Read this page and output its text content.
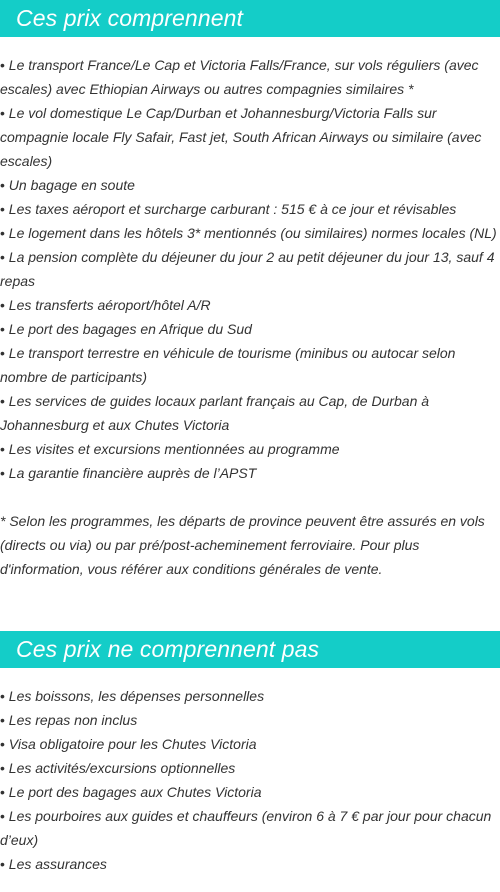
Ces prix comprennent
• Le transport France/Le Cap et Victoria Falls/France, sur vols réguliers (avec escales) avec Ethiopian Airways ou autres compagnies similaires *
• Le vol domestique Le Cap/Durban et Johannesburg/Victoria Falls sur compagnie locale Fly Safair, Fast jet, South African Airways ou similaire (avec escales)
• Un bagage en soute
• Les taxes aéroport et surcharge carburant : 515 € à ce jour et révisables
• Le logement dans les hôtels 3* mentionnés (ou similaires) normes locales (NL)
• La pension complète du déjeuner du jour 2 au petit déjeuner du jour 13, sauf 4 repas
• Les transferts aéroport/hôtel A/R
• Le port des bagages en Afrique du Sud
• Le transport terrestre en véhicule de tourisme (minibus ou autocar selon nombre de participants)
• Les services de guides locaux parlant français au Cap, de Durban à Johannesburg et aux Chutes Victoria
• Les visites et excursions mentionnées au programme
• La garantie financière auprès de l’APST

* Selon les programmes, les départs de province peuvent être assurés en vols (directs ou via) ou par pré/post-acheminement ferroviaire. Pour plus d'information, vous référer aux conditions générales de vente.

Ces prix ne comprennent pas
• Les boissons, les dépenses personnelles
• Les repas non inclus
• Visa obligatoire pour les Chutes Victoria
• Les activités/excursions optionnelles
• Le port des bagages aux Chutes Victoria
• Les pourboires aux guides et chauffeurs (environ 6 à 7 € par jour pour chacun d’eux)
• Les assurances
